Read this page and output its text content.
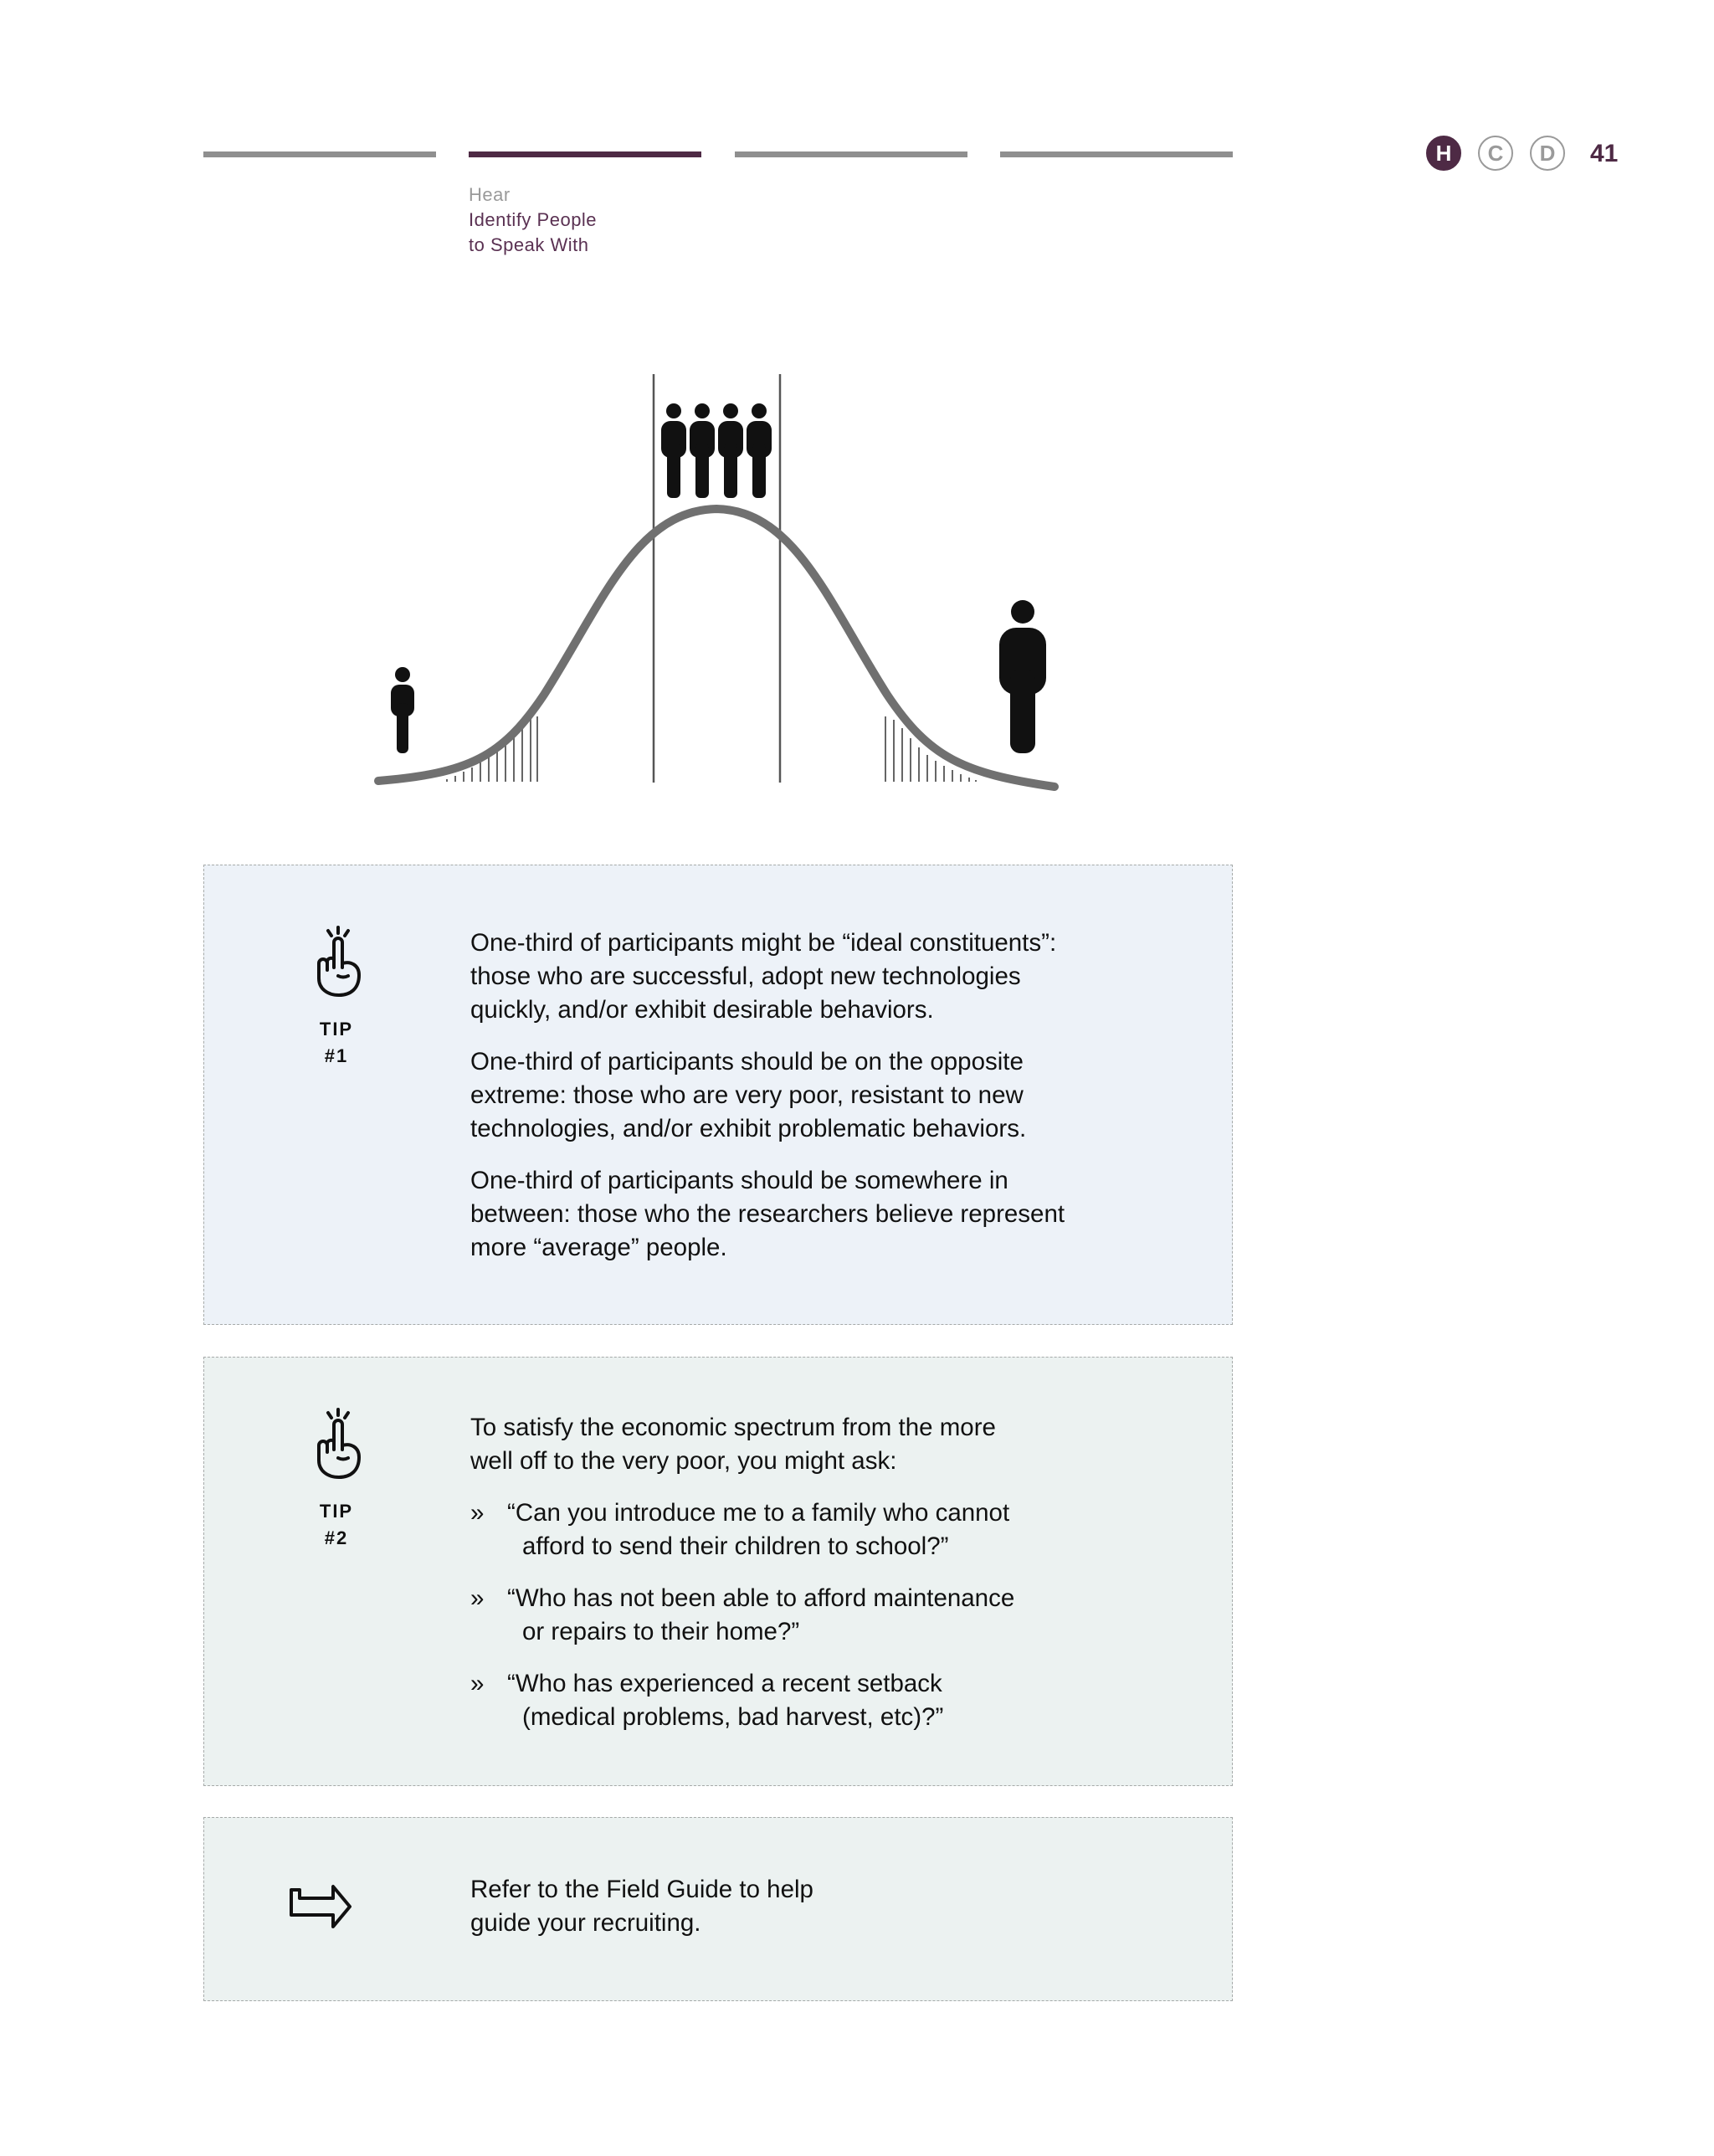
Hear
Identify People
to Speak With
H	C	D	41
TIP
#1

One-third of participants might be “ideal constituents”:
those who are successful, adopt new technologies
quickly, and/or exhibit desirable behaviors.

One-third of participants should be on the opposite
extreme: those who are very poor, resistant to new
technologies, and/or exhibit problematic behaviors.

One-third of participants should be somewhere in
between: those who the researchers believe represent
more “average” people.

TIP
#2

To satisfy the economic spectrum from the more
well off to the very poor, you might ask:

» “Can you introduce me to a family who cannot
afford to send their children to school?”
» “Who has not been able to afford maintenance
or repairs to their home?”
» “Who has experienced a recent setback
(medical problems, bad harvest, etc)?”

Refer to the Field Guide to help
guide your recruiting.
